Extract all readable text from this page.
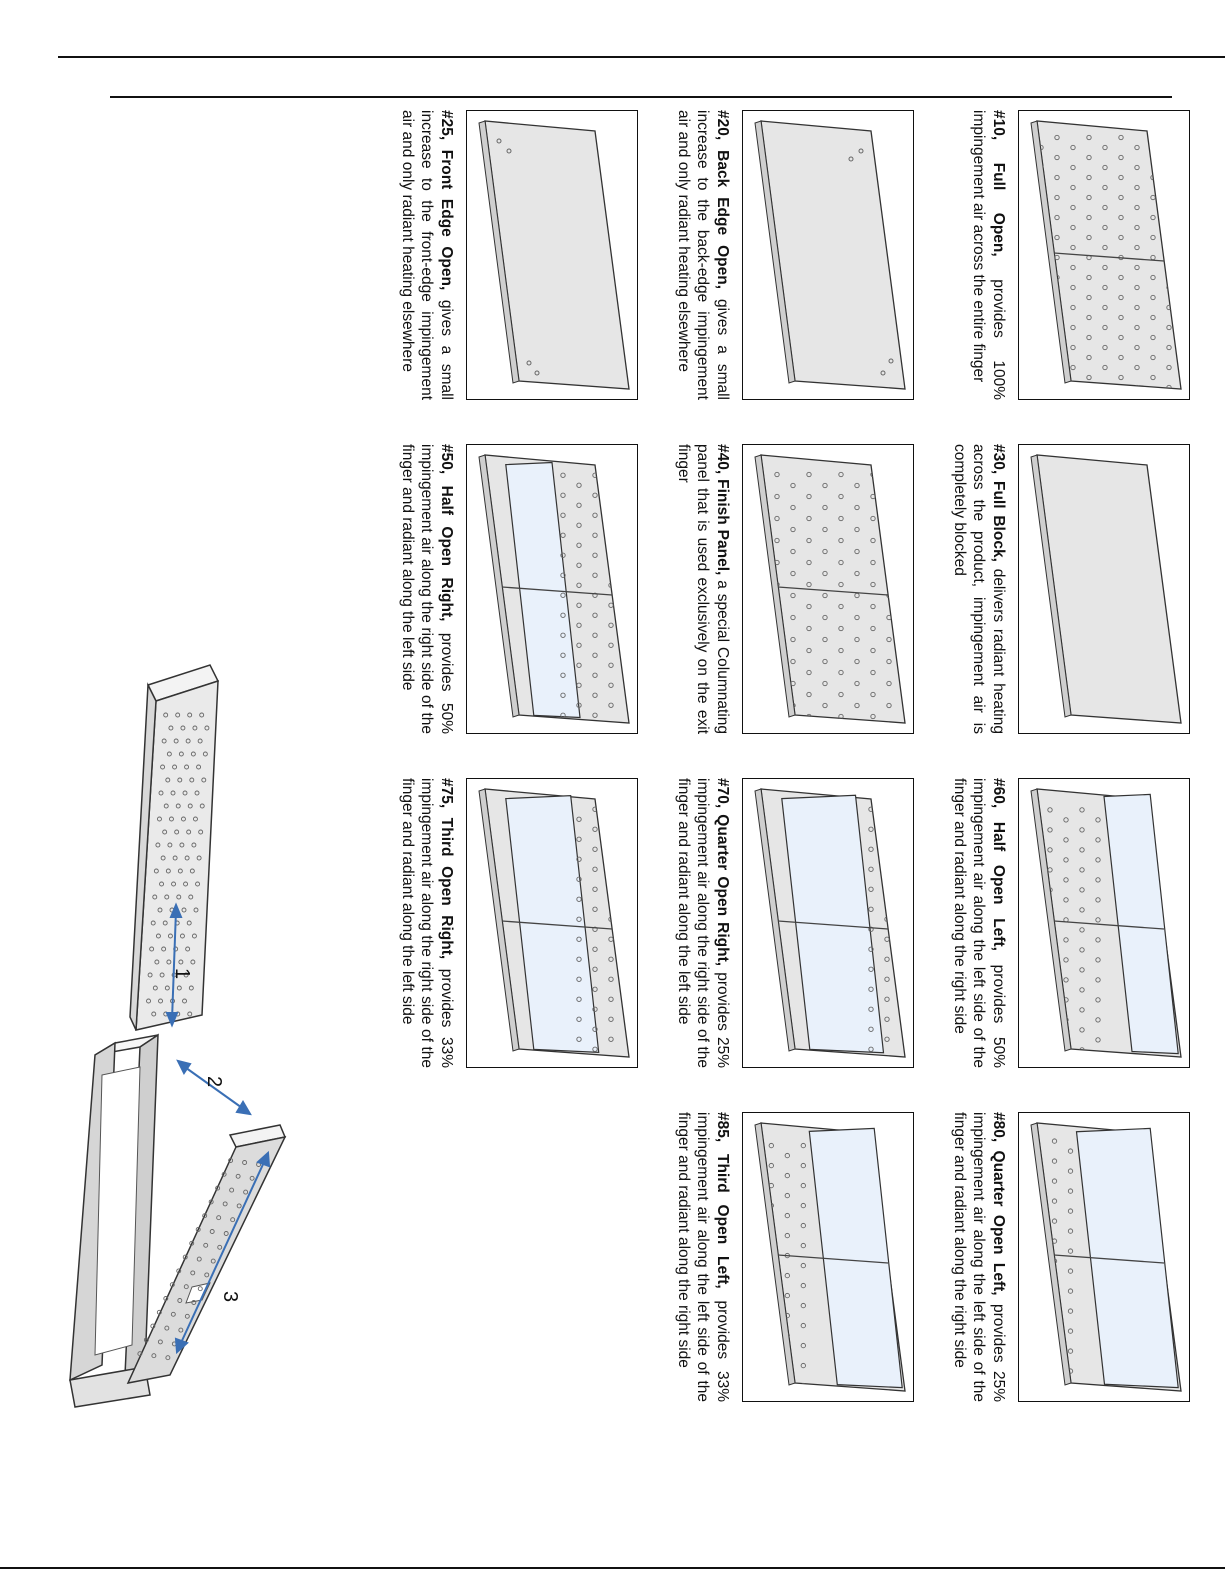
#10, Full Open, provides 100% impingement air across the entire finger
#30, Full Block, delivers radiant heating across the product, impingement air is completely blocked
#60, Half Open Left, provides 50% impingement air along the left side of the finger and radiant along the right side
#80, Quarter Open Left, provides 25% impingement air along the left side of the finger and radiant along the right side
#20, Back Edge Open, gives a small increase to the back-edge impingement air and only radiant heating elsewhere
#40, Finish Panel, a special Columnating panel that is used exclusively on the exit finger
#70, Quarter Open Right, provides 25% impingement air along the right side of the finger and radiant along the left side
#85, Third Open Left, provides 33% impingement air along the left side of the finger and radiant along the right side
#25, Front Edge Open, gives a small increase to the front-edge impingement air and only radiant heating elsewhere
#50, Half Open Right, provides 50% impingement air along the right side of the finger and radiant along the left side
#75, Third Open Right, provides 33% impingement air along the right side of the finger and radiant along the left side
1
2
3
